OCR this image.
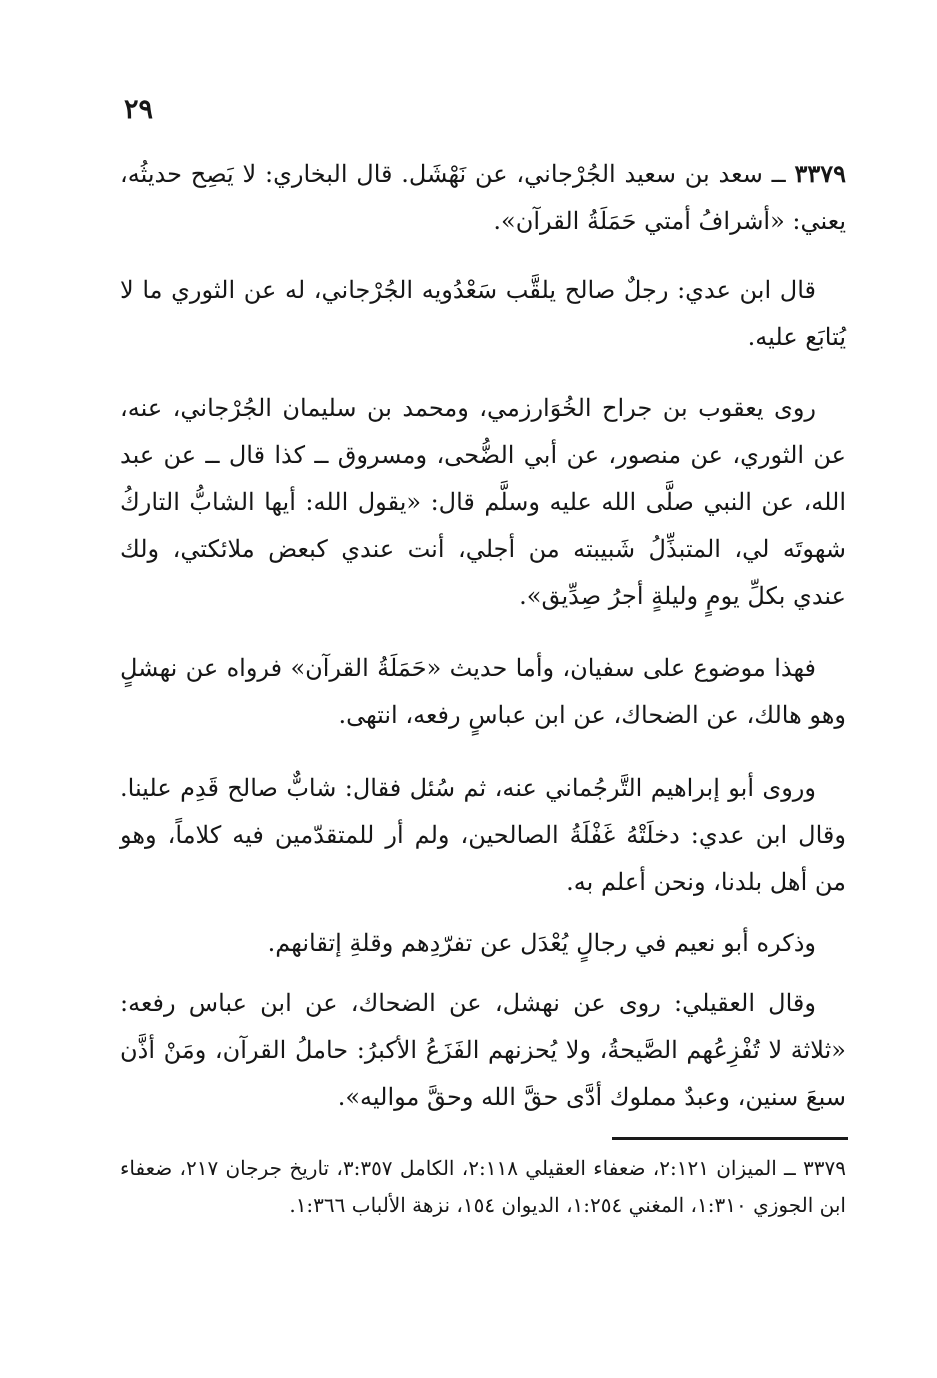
٢٩

٣٣٧٩ ــ سعد بن سعيد الجُرْجاني، عن نَهْشَل. قال البخاري: لا يَصِح حديثُه، يعني: «أشرافُ أمتي حَمَلَةُ القرآن».

قال ابن عدي: رجلٌ صالح يلقَّب سَعْدُويه الجُرْجاني، له عن الثوري ما لا يُتابَع عليه.

روى يعقوب بن جراح الخُوَارزمي، ومحمد بن سليمان الجُرْجاني، عنه، عن الثوري، عن منصور، عن أبي الضُّحى، ومسروق ــ كذا قال ــ عن عبد الله، عن النبي صلَّى الله عليه وسلَّم قال: «يقول الله: أيها الشابُّ التاركُ شهوتَه لي، المتبذِّلُ شَبيبته من أجلي، أنت عندي كبعض ملائكتي، ولك عندي بكلِّ يومٍ وليلةٍ أجرُ صِدِّيق».

فهذا موضوع على سفيان، وأما حديث «حَمَلَةُ القرآن» فرواه عن نهشلٍ وهو هالك، عن الضحاك، عن ابن عباسٍ رفعه، انتهى.

وروى أبو إبراهيم التَّرجُماني عنه، ثم سُئل فقال: شابٌّ صالح قَدِم علينا. وقال ابن عدي: دخلَتْهُ غَفْلَةُ الصالحين، ولم أر للمتقدّمين فيه كلاماً، وهو من أهل بلدنا، ونحن أعلم به.

وذكره أبو نعيم في رجالٍ يُعْدَل عن تفرّدِهم وقلةِ إتقانهم.

وقال العقيلي: روى عن نهشل، عن الضحاك، عن ابن عباس رفعه: «ثلاثة لا تُفْزِعُهم الصَّيحةُ، ولا يُحزنهم الفَزَعُ الأكبرُ: حاملُ القرآن، ومَنْ أذَّن سبعَ سنين، وعبدٌ مملوك أدَّى حقَّ الله وحقَّ مواليه».

٣٣٧٩ ــ الميزان ٢:١٢١، ضعفاء العقيلي ٢:١١٨، الكامل ٣:٣٥٧، تاريخ جرجان ٢١٧، ضعفاء ابن الجوزي ١:٣١٠، المغني ١:٢٥٤، الديوان ١٥٤، نزهة الألباب ١:٣٦٦.
